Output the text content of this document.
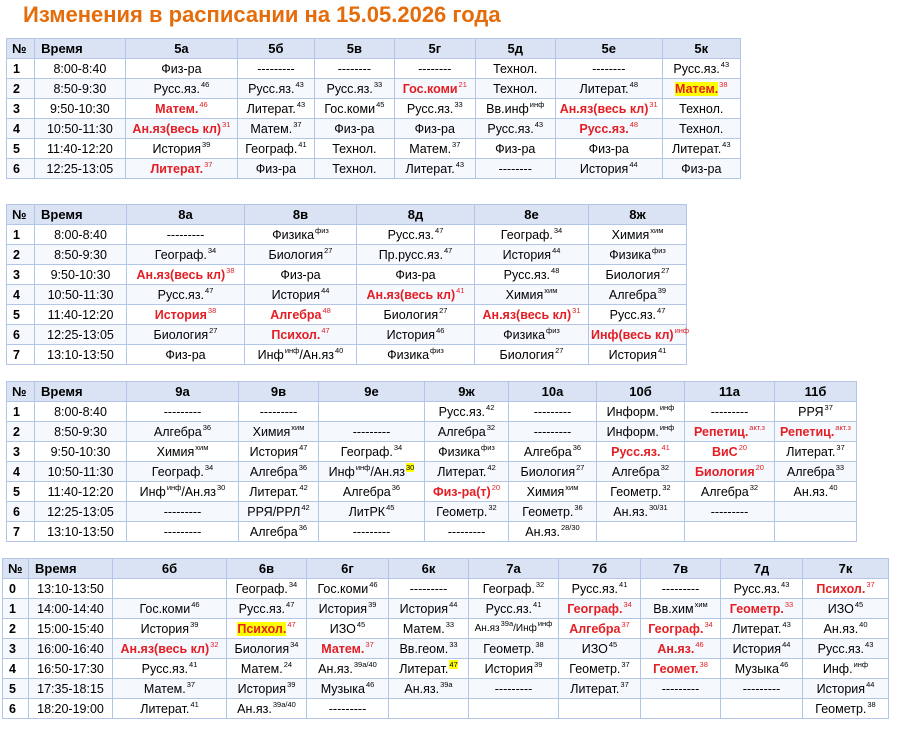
Изменения в расписании на 15.05.2026 года
№	Время	5а	5б	5в	5г	5д	5е	5к
1	8:00-8:40	Физ-ра	---------	--------	--------	Технол.	--------	Русс.яз.$^{43}$
2	8:50-9:30	Русс.яз.$^{46}$	Русс.яз.$^{43}$	Русс.яз.$^{33}$	Гос.коми$^{21}$	Технол.	Литерат.$^{48}$	Матем.$^{38}$
3	9:50-10:30	Матем.$^{46}$	Литерат.$^{43}$	Гос.коми$^{45}$	Русс.яз.$^{33}$	Вв.инф$^{инф}$	Ан.яз(весь кл)$^{31}$	Технол.
4	10:50-11:30	Ан.яз(весь кл)$^{31}$	Матем.$^{37}$	Физ-ра	Физ-ра	Русс.яз.$^{43}$	Русс.яз.$^{48}$	Технол.
5	11:40-12:20	История$^{39}$	Географ.$^{41}$	Технол.	Матем.$^{37}$	Физ-ра	Физ-ра	Литерат.$^{43}$
6	12:25-13:05	Литерат.$^{37}$	Физ-ра	Технол.	Литерат.$^{43}$	--------	История$^{44}$	Физ-ра
№	Время	8а	8в	8д	8е	8ж
1	8:00-8:40	---------	Физика$^{физ}$	Русс.яз.$^{47}$	Географ.$^{34}$	Химия$^{хим}$
2	8:50-9:30	Географ.$^{34}$	Биология$^{27}$	Пр.русс.яз.$^{47}$	История$^{44}$	Физика$^{физ}$
3	9:50-10:30	Ан.яз(весь кл)$^{38}$	Физ-ра	Физ-ра	Русс.яз.$^{48}$	Биология$^{27}$
4	10:50-11:30	Русс.яз.$^{47}$	История$^{44}$	Ан.яз(весь кл)$^{41}$	Химия$^{хим}$	Алгебра$^{39}$
5	11:40-12:20	История$^{38}$	Алгебра$^{48}$	Биология$^{27}$	Ан.яз(весь кл)$^{31}$	Русс.яз.$^{47}$
6	12:25-13:05	Биология$^{27}$	Психол.$^{47}$	История$^{46}$	Физика$^{физ}$	Инф(весь кл)$^{инф}$
7	13:10-13:50	Физ-ра	$Инф^{инф}/Ан.яз^{40}$	Физика$^{физ}$	Биология$^{27}$	История$^{41}$
№	Время	9а	9в	9е	9ж	10а	10б	11а	11б
1	8:00-8:40	---------	---------		Русс.яз.$^{42}$	---------	Информ.$^{инф}$	---------	РРЯ$^{37}$
2	8:50-9:30	Алгебра$^{36}$	Химия$^{хим}$	---------	Алгебра$^{32}$	---------	Информ.$^{инф}$	Репетиц.$^{акт.з}$	Репетиц.$^{акт.з}$
3	9:50-10:30	Химия$^{хим}$	История$^{47}$	Географ.$^{34}$	Физика$^{физ}$	Алгебра$^{36}$	Русс.яз.$^{41}$	ВиС$^{20}$	Литерат.$^{37}$
4	10:50-11:30	Географ.$^{34}$	Алгебра$^{36}$	$Инф^{инф}/Ан.яз^{30}$	Литерат.$^{42}$	Биология$^{27}$	Алгебра$^{32}$	Биология$^{20}$	Алгебра$^{33}$
5	11:40-12:20	$Инф^{инф}/Ан.яз^{30}$	Литерат.$^{42}$	Алгебра$^{36}$	Физ-$ра(т)^{20}$	Химия$^{хим}$	Геометр.$^{32}$	Алгебра$^{32}$	Ан.яз.$^{40}$
6	12:25-13:05	---------	РРЯ/РРЛ$^{42}$	ЛитРК$^{45}$	Геометр.$^{32}$	Геометр.$^{36}$	Ан.яз.$^{30/31}$	---------	
7	13:10-13:50	---------	Алгебра$^{36}$	---------	---------	Ан.яз.$^{28/30}$			
№	Время	6б	6в	6г	6к	7а	7б	7в	7д	7к
0	13:10-13:50		Географ.$^{34}$	Гос.коми$^{46}$	---------	Географ.$^{32}$	Русс.яз.$^{41}$	---------	Русс.яз.$^{43}$	Психол.$^{37}$
1	14:00-14:40	Гос.коми$^{46}$	Русс.яз.$^{47}$	История$^{39}$	История$^{44}$	Русс.яз.$^{41}$	Географ.$^{34}$	Вв.хим$^{хим}$	Геометр.$^{33}$	ИЗО$^{45}$
2	15:00-15:40	История$^{39}$	Психол.$^{47}$	ИЗО$^{45}$	Матем.$^{33}$	$Ан.яз^{39а}/Инф^{инф}$	Алгебра$^{37}$	Географ.$^{34}$	Литерат.$^{43}$	Ан.яз.$^{40}$
3	16:00-16:40	Ан.яз(весь кл)$^{32}$	Биология$^{34}$	Матем.$^{37}$	Вв.геом.$^{33}$	Геометр.$^{38}$	ИЗО$^{45}$	Ан.яз.$^{46}$	История$^{44}$	Русс.яз.$^{43}$
4	16:50-17:30	Русс.яз.$^{41}$	Матем.$^{24}$	Ан.яз.$^{39а/40}$	Литерат.$^{47}$	История$^{39}$	Геометр.$^{37}$	Геомет.$^{38}$	Музыка$^{46}$	Инф.$^{инф}$
5	17:35-18:15	Матем.$^{37}$	История$^{39}$	Музыка$^{46}$	Ан.яз.$^{39а}$	---------	Литерат.$^{37}$	---------	---------	История$^{44}$
6	18:20-19:00	Литерат.$^{41}$	Ан.яз.$^{39а/40}$	---------						Геометр.$^{38}$
